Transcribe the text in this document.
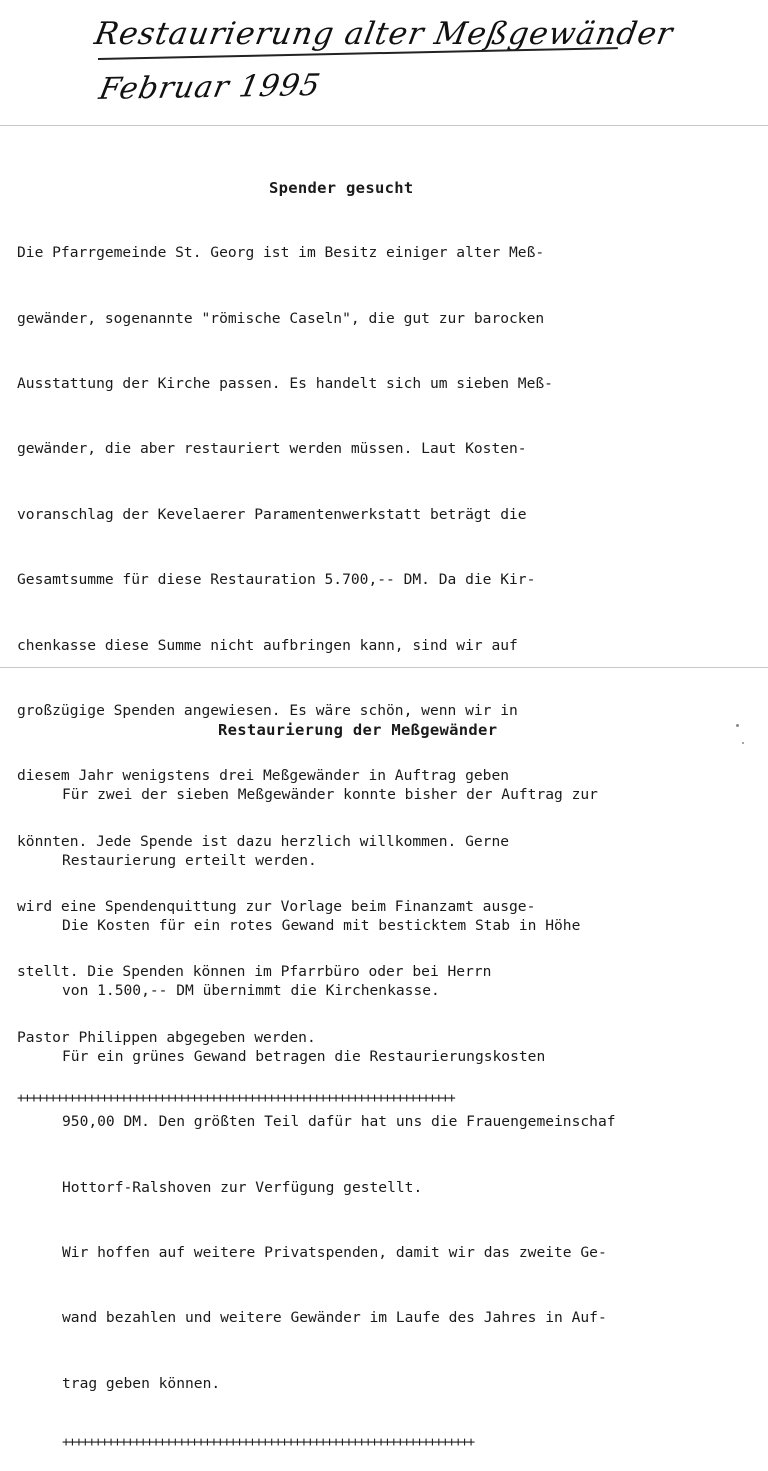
Restaurierung alter Meßgewänder
Februar 1995

Spender gesucht

Die Pfarrgemeinde St. Georg ist im Besitz einiger alter Meß-

gewänder, sogenannte "römische Caseln", die gut zur barocken

Ausstattung der Kirche passen. Es handelt sich um sieben Meß-

gewänder, die aber restauriert werden müssen. Laut Kosten-

voranschlag der Kevelaerer Paramentenwerkstatt beträgt die

Gesamtsumme für diese Restauration 5.700,-- DM. Da die Kir-

chenkasse diese Summe nicht aufbringen kann, sind wir auf

großzügige Spenden angewiesen. Es wäre schön, wenn wir in

diesem Jahr wenigstens drei Meßgewänder in Auftrag geben

könnten. Jede Spende ist dazu herzlich willkommen. Gerne

wird eine Spendenquittung zur Vorlage beim Finanzamt ausge-

stellt. Die Spenden können im Pfarrbüro oder bei Herrn

Pastor Philippen abgegeben werden.

++++++++++++++++++++++++++++++++++++++++++++++++++++++++++++++++++++

Restaurierung der Meßgewänder

Für zwei der sieben Meßgewänder konnte bisher der Auftrag zur

Restaurierung erteilt werden.

Die Kosten für ein rotes Gewand mit besticktem Stab in Höhe

von 1.500,-- DM übernimmt die Kirchenkasse.

Für ein grünes Gewand betragen die Restaurierungskosten

950,00 DM. Den größten Teil dafür hat uns die Frauengemeinschaf

Hottorf-Ralshoven zur Verfügung gestellt.

Wir hoffen auf weitere Privatspenden, damit wir das zweite Ge-

wand bezahlen und weitere Gewänder im Laufe des Jahres in Auf-

trag geben können.

++++++++++++++++++++++++++++++++++++++++++++++++++++++++++++++++
